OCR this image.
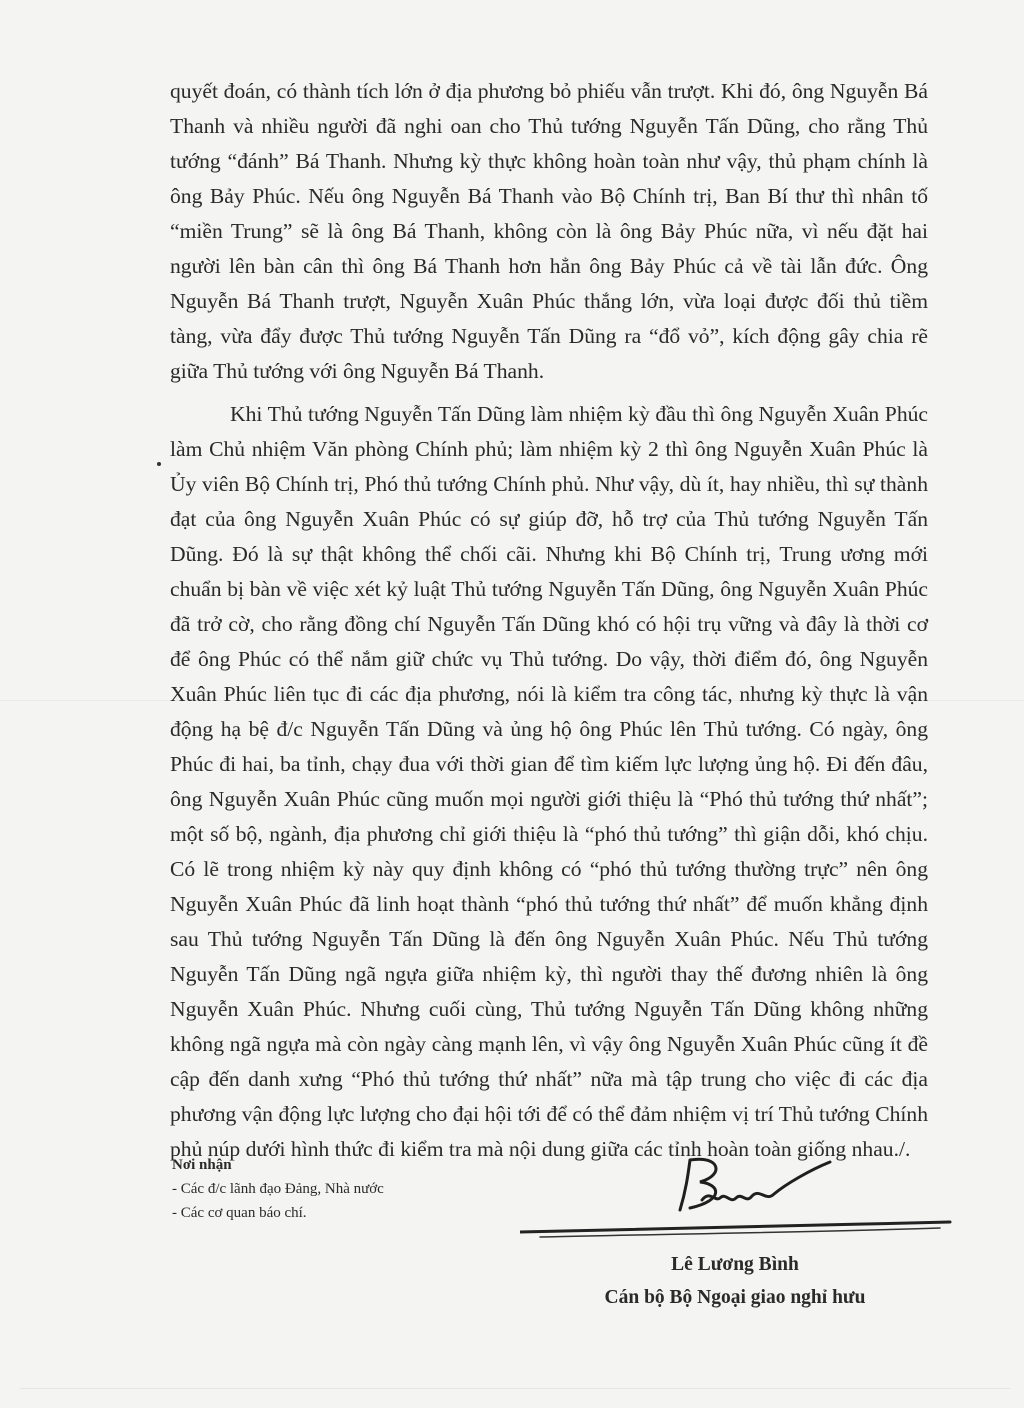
quyết đoán, có thành tích lớn ở địa phương bỏ phiếu vẫn trượt. Khi đó, ông Nguyễn Bá Thanh và nhiều người đã nghi oan cho Thủ tướng Nguyễn Tấn Dũng, cho rằng Thủ tướng “đánh” Bá Thanh. Nhưng kỳ thực không hoàn toàn như vậy, thủ phạm chính là ông Bảy Phúc. Nếu ông Nguyễn Bá Thanh vào Bộ Chính trị, Ban Bí thư thì nhân tố “miền Trung” sẽ là ông Bá Thanh, không còn là ông Bảy Phúc nữa, vì nếu đặt hai người lên bàn cân thì ông Bá Thanh hơn hẳn ông Bảy Phúc cả về tài lẫn đức. Ông Nguyễn Bá Thanh trượt, Nguyễn Xuân Phúc thắng lớn, vừa loại được đối thủ tiềm tàng, vừa đẩy được Thủ tướng Nguyễn Tấn Dũng ra “đổ vỏ”, kích động gây chia rẽ giữa Thủ tướng với ông Nguyễn Bá Thanh.

Khi Thủ tướng Nguyễn Tấn Dũng làm nhiệm kỳ đầu thì ông Nguyễn Xuân Phúc làm Chủ nhiệm Văn phòng Chính phủ; làm nhiệm kỳ 2 thì ông Nguyễn Xuân Phúc là Ủy viên Bộ Chính trị, Phó thủ tướng Chính phủ. Như vậy, dù ít, hay nhiều, thì sự thành đạt của ông Nguyễn Xuân Phúc có sự giúp đỡ, hỗ trợ của Thủ tướng Nguyễn Tấn Dũng. Đó là sự thật không thể chối cãi. Nhưng khi Bộ Chính trị, Trung ương mới chuẩn bị bàn về việc xét kỷ luật Thủ tướng Nguyễn Tấn Dũng, ông Nguyễn Xuân Phúc đã trở cờ, cho rằng đồng chí Nguyễn Tấn Dũng khó có hội trụ vững và đây là thời cơ để ông Phúc có thể nắm giữ chức vụ Thủ tướng. Do vậy, thời điểm đó, ông Nguyễn Xuân Phúc liên tục đi các địa phương, nói là kiểm tra công tác, nhưng kỳ thực là vận động hạ bệ đ/c Nguyễn Tấn Dũng và ủng hộ ông Phúc lên Thủ tướng. Có ngày, ông Phúc đi hai, ba tỉnh, chạy đua với thời gian để tìm kiếm lực lượng ủng hộ. Đi đến đâu, ông Nguyễn Xuân Phúc cũng muốn mọi người giới thiệu là “Phó thủ tướng thứ nhất”; một số bộ, ngành, địa phương chỉ giới thiệu là “phó thủ tướng” thì giận dỗi, khó chịu. Có lẽ trong nhiệm kỳ này quy định không có “phó thủ tướng thường trực” nên ông Nguyễn Xuân Phúc đã linh hoạt thành “phó thủ tướng thứ nhất” để muốn khẳng định sau Thủ tướng Nguyễn Tấn Dũng là đến ông Nguyễn Xuân Phúc. Nếu Thủ tướng Nguyễn Tấn Dũng ngã ngựa giữa nhiệm kỳ, thì người thay thế đương nhiên là ông Nguyễn Xuân Phúc. Nhưng cuối cùng, Thủ tướng Nguyễn Tấn Dũng không những không ngã ngựa mà còn ngày càng mạnh lên, vì vậy ông Nguyễn Xuân Phúc cũng ít đề cập đến danh xưng “Phó thủ tướng thứ nhất” nữa mà tập trung cho việc đi các địa phương vận động lực lượng cho đại hội tới để có thể đảm nhiệm vị trí Thủ tướng Chính phủ núp dưới hình thức đi kiểm tra mà nội dung giữa các tỉnh hoàn toàn giống nhau./.

Nơi nhận
- Các đ/c lãnh đạo Đảng, Nhà nước
- Các cơ quan báo chí.
Lê Lương Bình
Cán bộ Bộ Ngoại giao nghỉ hưu
